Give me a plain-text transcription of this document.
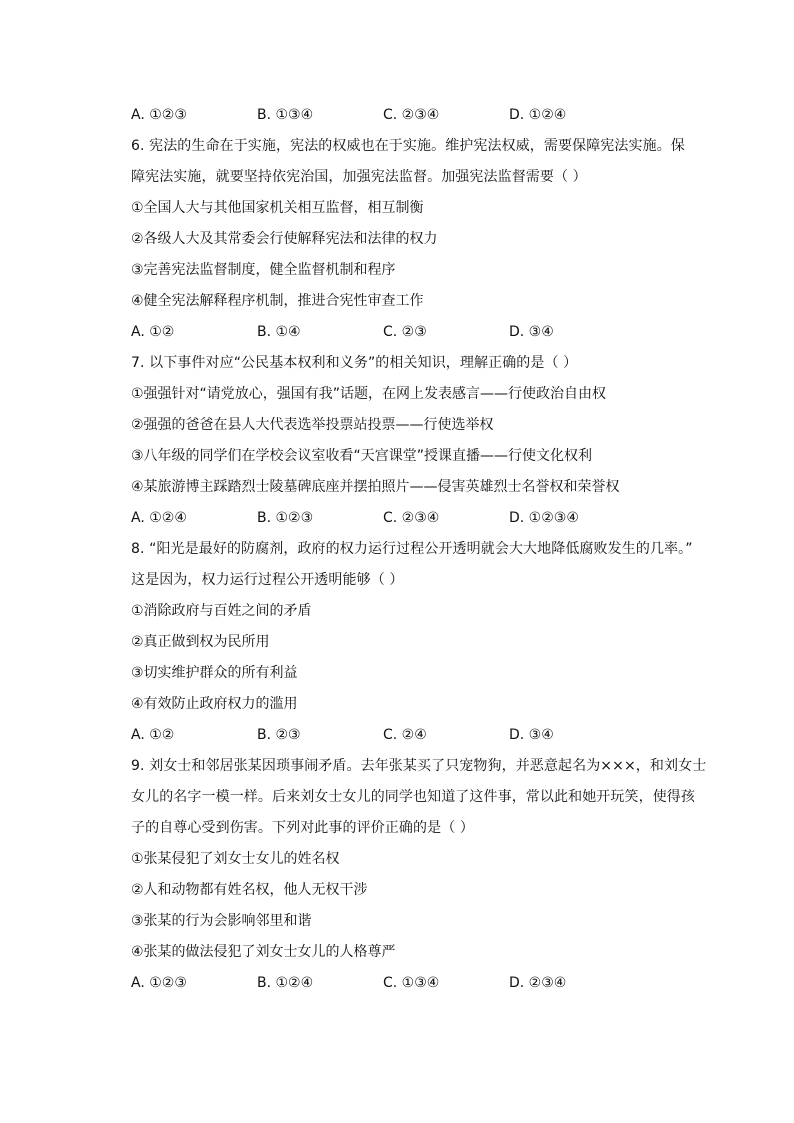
A. ①②③	B. ①③④	C. ②③④	D. ①②④
6. 宪法的生命在于实施，宪法的权威也在于实施。维护宪法权威，需要保障宪法实施。保
障宪法实施，就要坚持依宪治国，加强宪法监督。加强宪法监督需要（ ）
①全国人大与其他国家机关相互监督，相互制衡
②各级人大及其常委会行使解释宪法和法律的权力
③完善宪法监督制度，健全监督机制和程序
④健全宪法解释程序机制，推进合宪性审查工作
A. ①②	B. ①④	C. ②③	D. ③④
7. 以下事件对应“公民基本权利和义务”的相关知识，理解正确的是（ ）
①强强针对“请党放心，强国有我”话题，在网上发表感言——行使政治自由权
②强强的爸爸在县人大代表选举投票站投票——行使选举权
③八年级的同学们在学校会议室收看“天宫课堂”授课直播——行使文化权利
④某旅游博主踩踏烈士陵墓碑底座并摆拍照片——侵害英雄烈士名誉权和荣誉权
A. ①②④	B. ①②③	C. ②③④	D. ①②③④
8. “阳光是最好的防腐剂，政府的权力运行过程公开透明就会大大地降低腐败发生的几率。”
这是因为，权力运行过程公开透明能够（ ）
①消除政府与百姓之间的矛盾
②真正做到权为民所用
③切实维护群众的所有利益
④有效防止政府权力的滥用
A. ①②	B. ②③	C. ②④	D. ③④
9. 刘女士和邻居张某因琐事闹矛盾。去年张某买了只宠物狗，并恶意起名为×××，和刘女士
女儿的名字一模一样。后来刘女士女儿的同学也知道了这件事，常以此和她开玩笑，使得孩
子的自尊心受到伤害。下列对此事的评价正确的是（ ）
①张某侵犯了刘女士女儿的姓名权
②人和动物都有姓名权，他人无权干涉
③张某的行为会影响邻里和谐
④张某的做法侵犯了刘女士女儿的人格尊严
A. ①②③	B. ①②④	C. ①③④	D. ②③④
